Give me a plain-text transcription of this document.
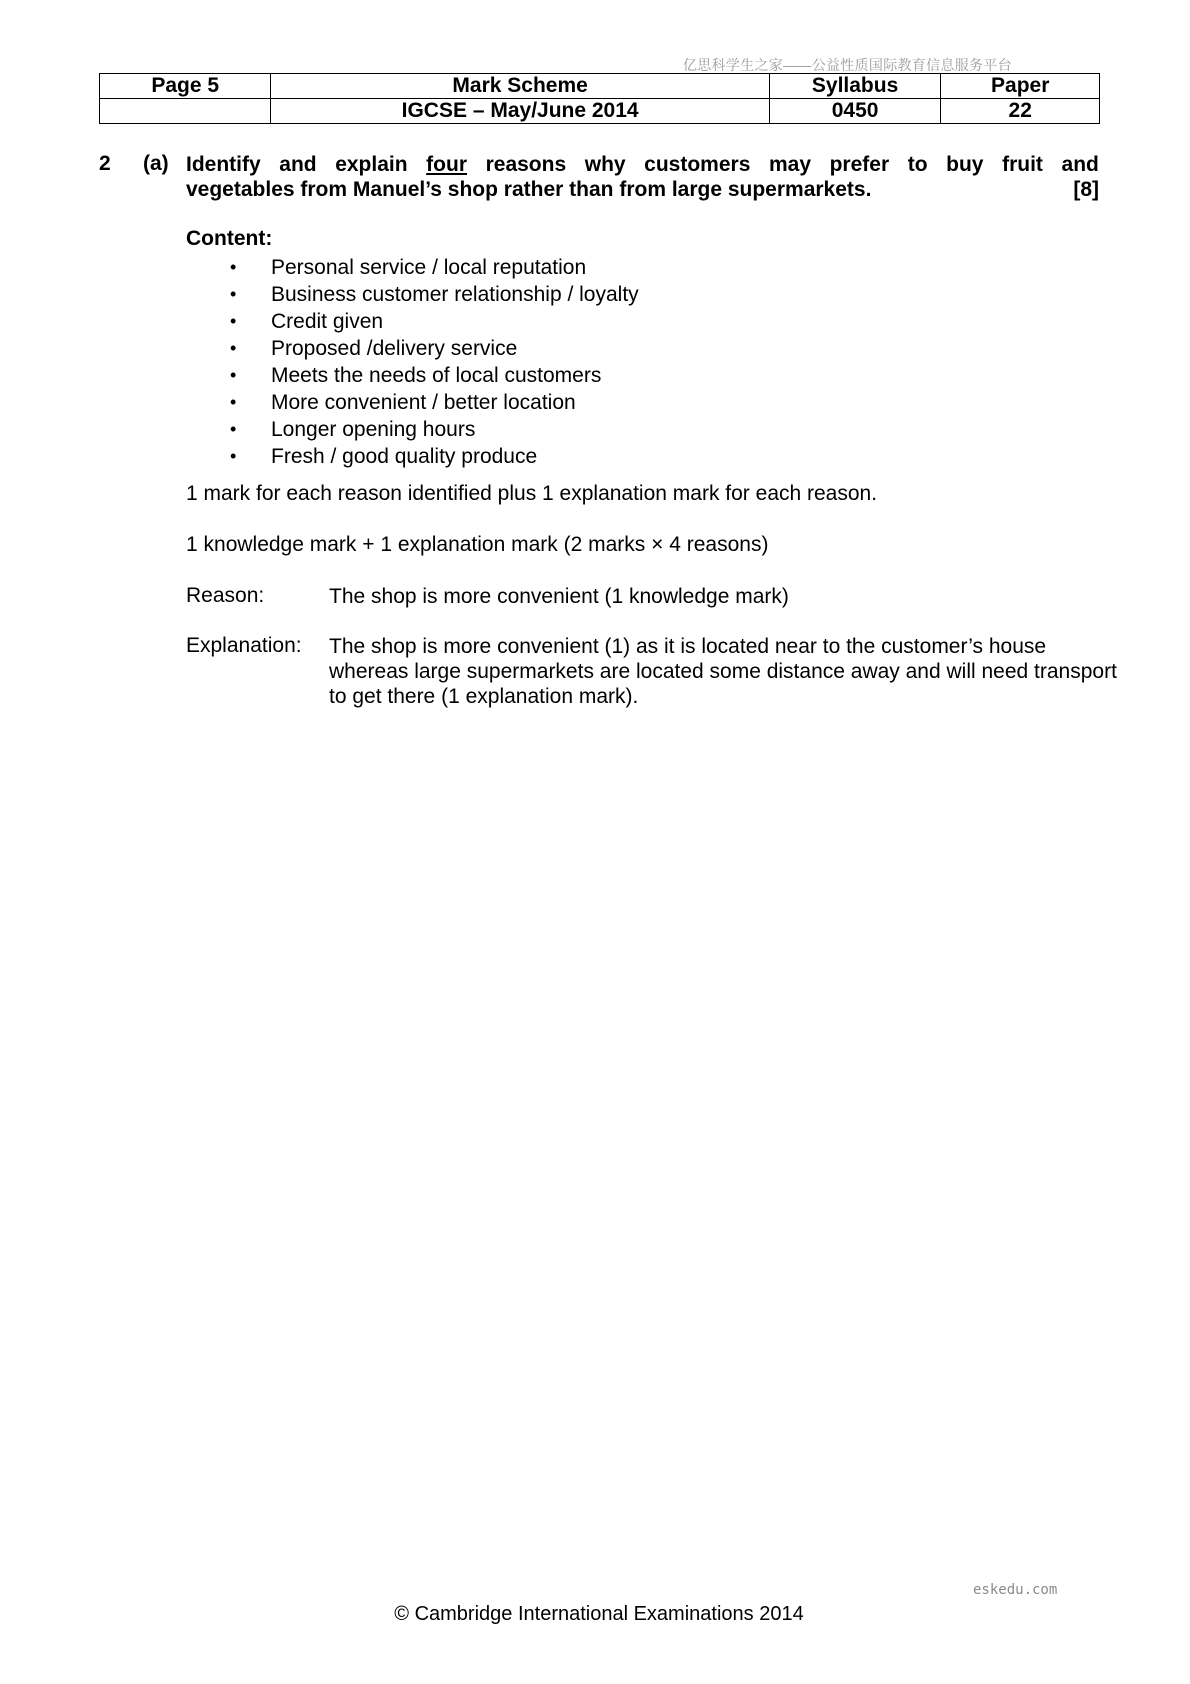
亿思科学生之家——公益性质国际教育信息服务平台
Page 5	Mark Scheme	Syllabus	Paper
	IGCSE – May/June 2014	0450	22
2 (a) Identify and explain four reasons why customers may prefer to buy fruit and
vegetables from Manuel’s shop rather than from large supermarkets.	[8]
Content:
• Personal service / local reputation
• Business customer relationship / loyalty
• Credit given
• Proposed /delivery service
• Meets the needs of local customers
• More convenient / better location
• Longer opening hours
• Fresh / good quality produce
1 mark for each reason identified plus 1 explanation mark for each reason.
1 knowledge mark + 1 explanation mark (2 marks × 4 reasons)
Reason:	The shop is more convenient (1 knowledge mark)
Explanation: The shop is more convenient (1) as it is located near to the customer’s house whereas large supermarkets are located some distance away and will need transport to get there (1 explanation mark).
eskedu.com
© Cambridge International Examinations 2014
